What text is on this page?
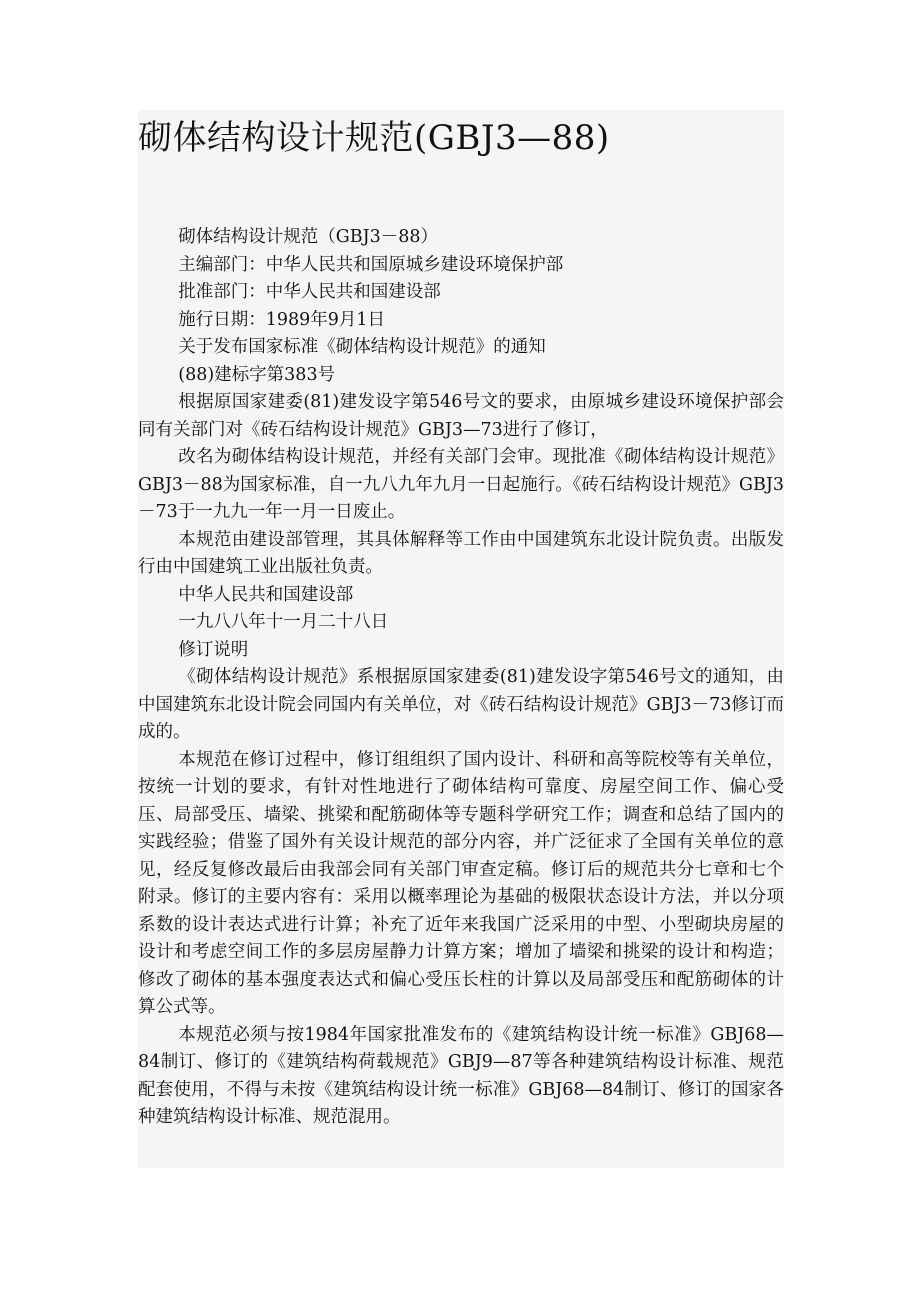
砌体结构设计规范(GBJ3—88)

砌体结构设计规范（GBJ3－88）

主编部门：中华人民共和国原城乡建设环境保护部

批准部门：中华人民共和国建设部

施行日期：1989年9月1日

关于发布国家标准《砌体结构设计规范》的通知

(88)建标字第383号

根据原国家建委(81)建发设字第546号文的要求，由原城乡建设环境保护部会同有关部门对《砖石结构设计规范》GBJ3—73进行了修订，

改名为砌体结构设计规范，并经有关部门会审。现批准《砌体结构设计规范》GBJ3－88为国家标准，自一九八九年九月一日起施行。《砖石结构设计规范》GBJ3－73于一九九一年一月一日废止。

本规范由建设部管理，其具体解释等工作由中国建筑东北设计院负责。出版发行由中国建筑工业出版社负责。

中华人民共和国建设部

一九八八年十一月二十八日

修订说明

《砌体结构设计规范》系根据原国家建委(81)建发设字第546号文的通知，由中国建筑东北设计院会同国内有关单位，对《砖石结构设计规范》GBJ3－73修订而成的。

本规范在修订过程中，修订组组织了国内设计、科研和高等院校等有关单位，按统一计划的要求，有针对性地进行了砌体结构可靠度、房屋空间工作、偏心受压、局部受压、墙梁、挑梁和配筋砌体等专题科学研究工作；调查和总结了国内的实践经验；借鉴了国外有关设计规范的部分内容，并广泛征求了全国有关单位的意见，经反复修改最后由我部会同有关部门审查定稿。修订后的规范共分七章和七个附录。修订的主要内容有：采用以概率理论为基础的极限状态设计方法，并以分项系数的设计表达式进行计算；补充了近年来我国广泛采用的中型、小型砌块房屋的设计和考虑空间工作的多层房屋静力计算方案；增加了墙梁和挑梁的设计和构造；修改了砌体的基本强度表达式和偏心受压长柱的计算以及局部受压和配筋砌体的计算公式等。

本规范必须与按1984年国家批准发布的《建筑结构设计统一标准》GBJ68—84制订、修订的《建筑结构荷载规范》GBJ9—87等各种建筑结构设计标准、规范配套使用，不得与未按《建筑结构设计统一标准》GBJ68—84制订、修订的国家各种建筑结构设计标准、规范混用。
